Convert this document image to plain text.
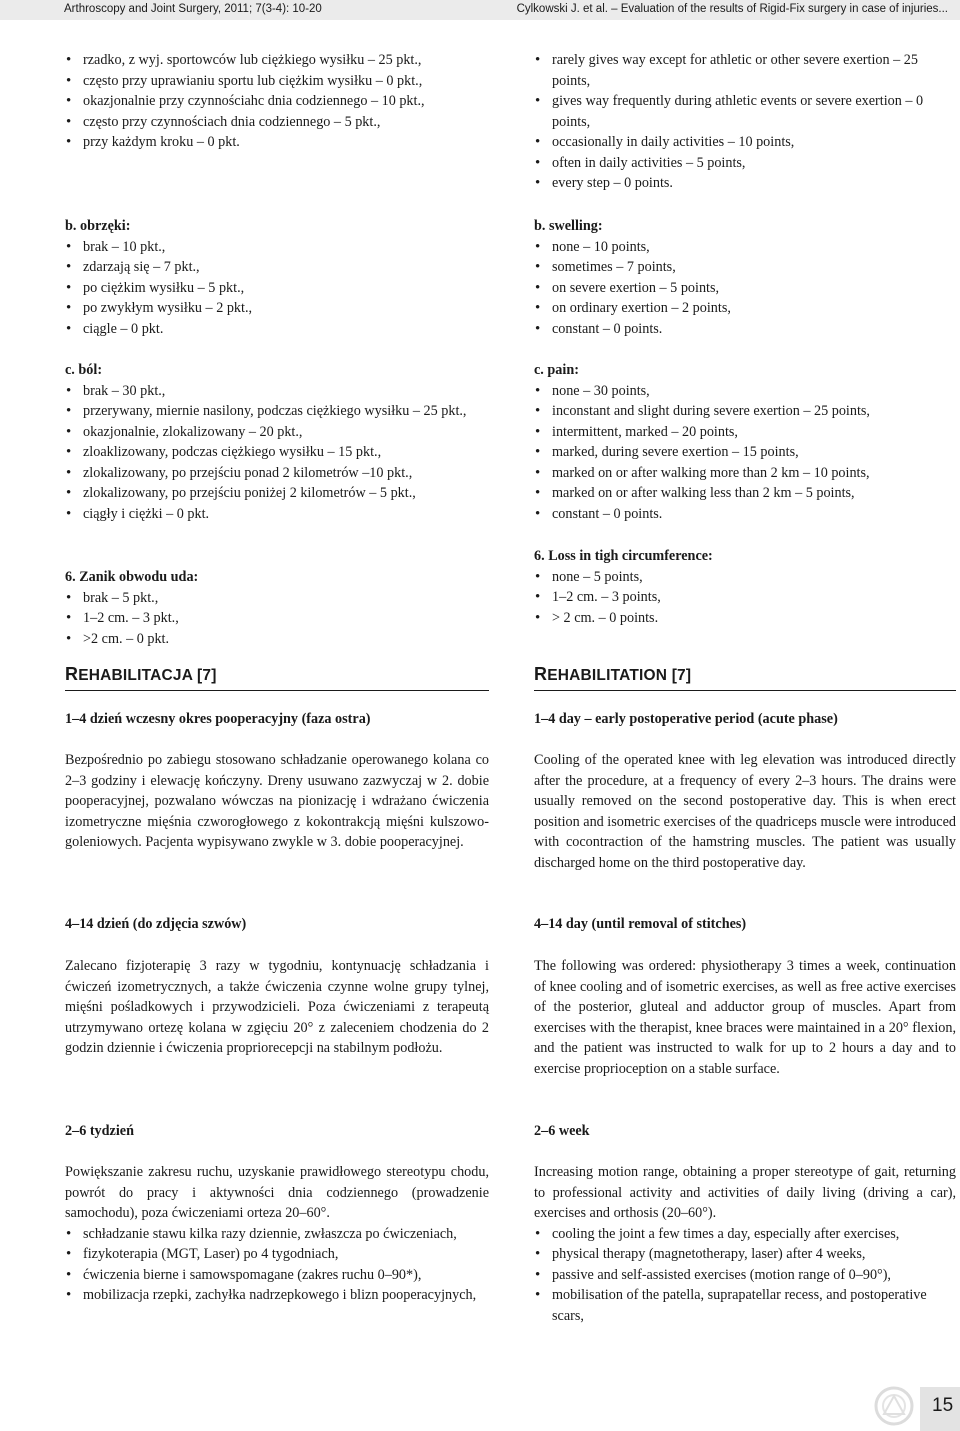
Arthroscopy and Joint Surgery, 2011; 7(3-4): 10-20	Cylkowski J. et al. – Evaluation of the results of Rigid-Fix surgery in case of injuries...
• rzadko, z wyj. sportowców lub ciężkiego wysiłku – 25 pkt.,
• często przy uprawianiu sportu lub ciężkim wysiłku – 0 pkt.,
• okazjonalnie przy czynnościahc dnia codziennego – 10 pkt.,
• często przy czynnościach dnia codziennego – 5 pkt.,
• przy każdym kroku – 0 pkt.
b. obrzęki:
• brak – 10 pkt.,
• zdarzają się – 7 pkt.,
• po ciężkim wysiłku – 5 pkt.,
• po zwykłym wysiłku – 2 pkt.,
• ciągle – 0 pkt.
c. ból:
• brak – 30 pkt.,
• przerywany, miernie nasilony, podczas ciężkiego wysiłku – 25 pkt.,
• okazjonalnie, zlokalizowany – 20 pkt.,
• zloaklizowany, podczas ciężkiego wysiłku – 15 pkt.,
• zlokalizowany, po przejściu ponad 2 kilometrów –10 pkt.,
• zlokalizowany, po przejściu poniżej 2 kilometrów – 5 pkt.,
• ciągły i ciężki – 0 pkt.
6. Zanik obwodu uda:
• brak – 5 pkt.,
• 1–2 cm. – 3 pkt.,
• >2 cm. – 0 pkt.
REHABILITACJA [7]
1–4 dzień wczesny okres pooperacyjny (faza ostra)
Bezpośrednio po zabiegu stosowano schładzanie operowanego kolana co 2–3 godziny i elewację kończyny. Dreny usuwano zazwyczaj w 2. dobie pooperacyjnej, pozwalano wówczas na pionizację i wdrażano ćwiczenia izometryczne mięśnia czworogłowego z kokontrakcją mięśni kulszowo-goleniowych. Pacjenta wypisywano zwykle w 3. dobie pooperacyjnej.
4–14 dzień (do zdjęcia szwów)
Zalecano fizjoterapię 3 razy w tygodniu, kontynuację schładzania i ćwiczeń izometrycznych, a także ćwiczenia czynne wolne grupy tylnej, mięśni pośladkowych i przywodzicieli. Poza ćwiczeniami z terapeutą utrzymywano ortezę kolana w zgięciu 20° z zaleceniem chodzenia do 2 godzin dziennie i ćwiczenia propriorecepcji na stabilnym podłożu.
2–6 tydzień
Powiększanie zakresu ruchu, uzyskanie prawidłowego stereotypu chodu, powrót do pracy i aktywności dnia codziennego (prowadzenie samochodu), poza ćwiczeniami orteza 20–60°.
• schładzanie stawu kilka razy dziennie, zwłaszcza po ćwiczeniach,
• fizykoterapia (MGT, Laser) po 4 tygodniach,
• ćwiczenia bierne i samowspomagane (zakres ruchu 0–90*),
• mobilizacja rzepki, zachyłka nadrzepkowego i blizn pooperacyjnych,
• rarely gives way except for athletic or other severe exertion – 25 points,
• gives way frequently during athletic events or severe exertion – 0 points,
• occasionally in daily activities – 10 points,
• often in daily activities – 5 points,
• every step – 0 points.
b. swelling:
• none – 10 points,
• sometimes – 7 points,
• on severe exertion – 5 points,
• on ordinary exertion – 2 points,
• constant – 0 points.
c. pain:
• none – 30 points,
• inconstant and slight during severe exertion – 25 points,
• intermittent, marked – 20 points,
• marked, during severe exertion – 15 points,
• marked on or after walking more than 2 km – 10 points,
• marked on or after walking less than 2 km – 5 points,
• constant – 0 points.
6. Loss in tigh circumference:
• none – 5 points,
• 1–2 cm. – 3 points,
• > 2 cm. – 0 points.
REHABILITATION [7]
1–4 day – early postoperative period (acute phase)
Cooling of the operated knee with leg elevation was introduced directly after the procedure, at a frequency of every 2–3 hours. The drains were usually removed on the second postoperative day. This is when erect position and isometric exercises of the quadriceps muscle were introduced with cocontraction of the hamstring muscles. The patient was usually discharged home on the third postoperative day.
4–14 day (until removal of stitches)
The following was ordered: physiotherapy 3 times a week, continuation of knee cooling and of isometric exercises, as well as free active exercises of the posterior, gluteal and adductor group of muscles. Apart from exercises with the therapist, knee braces were maintained in a 20° flexion, and the patient was instructed to walk for up to 2 hours a day and to exercise proprioception on a stable surface.
2–6 week
Increasing motion range, obtaining a proper stereotype of gait, returning to professional activity and activities of daily living (driving a car), exercises and orthosis (20–60°).
• cooling the joint a few times a day, especially after exercises,
• physical therapy (magnetotherapy, laser) after 4 weeks,
• passive and self-assisted exercises (motion range of 0–90°),
• mobilisation of the patella, suprapatellar recess, and postoperative scars,
15
